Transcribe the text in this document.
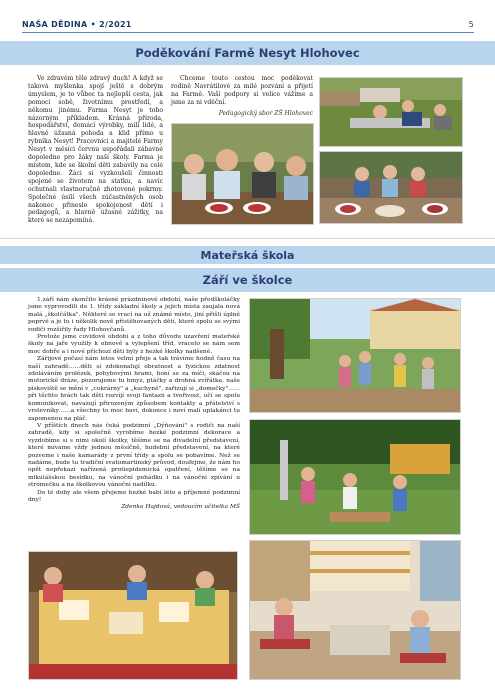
NAŠA DĚDINA • 2/2021	5
Poděkování Farmě Nesyt Hlohovec

Ve zdravém těle zdravý duch! A když se taková myšlenka spojí ještě s dobrým úmyslem, je to vůbec ta nejlepší cesta, jak pomoci sobě, životnímu prostředí, a někomu jinému. Farma Nesyt je toho názorným příkladem. Krásná příroda, hospodářství, domácí výrobky, milí lidé, a hlavně úžasná pohoda a klid přímo u rybníka Nesyt! Pracovníci a majitelé Farmy Nesyt v měsíci červnu uspořádali zábavné dopoledne pro žáky naší školy. Farma je místem, kde se školní děti zabavily na celé dopoledne. Žáci si vyzkoušeli činnosti spojené se životem na statku, a navíc ochutnali vlastnoručně zhotovené pokrmy. Společné úsilí všech zúčastněných osob nakonec přineslo spokojenost dětí i pedagogů, a hlavně úžasné zážitky, na které se nezapomíná.

Chceme touto cestou moc poděkovat rodině Navrátilové za milé pozvání a přijetí na Farmě. Vaší podpory si velice vážíme a jsme za ni vděční.

Pedagogický sbor ZŠ Hlohovec
Mateřská škola
Září ve školce

1.září nám skončilo krásné prázdninové období, naše předškoláčky jsme vyprovodili do 1. třídy základní školy a jejich místa zaujala nová malá „školčátka". Některé se vrací na už známé místo, jiní přišli úplně poprvé a je tu i několik nově přistěhovaných dětí, které spolu se svými rodiči rozšířily řady Hlohovčanů.

Protože jsme covidové období a z toho důvodu uzavření mateřské školy na jaře využily k obnově a vylepšení tříd, vracelo se nám sem moc dobře a i nové příchozí děti byly z hezké školky nadšené.

Zářijové počasí nám letos velmi přeje a tak trávíme hodně času na naší zahradě……děti si zdokonalují obratnost a fyzickou zdatnost zdoláváním prolézek, pohybovými hrami, honí se za míči, skáčou na motorické dráze, pozorujeme tu hmyz, ptáčky a drobná zvířátka, naše pískoviště se mění v „cukrárny" a „kuchyně", zařizují si „domečky"…… při těchto hrách tak děti rozvíjí svoji fantazii a tvořivost, učí se spolu komunikovat, navazují přirozeným způsobem kontakty a přátelství s vrstevníky……a všechny to moc baví, dokonce i noví malí uplakánci tu zapomenou na pláč.

V příštích dnech nás čeká podzimní „Dýňování" s rodiči na naší zahradě, kdy si společně vyrobíme hezké podzimní dekorace a vyzdobíme si s nimi okolí školky, těšíme se na divadelní představení, které mívame vždy jednou měsíčně, hudební představení, na které pozveme i naše kamarády z první třídy a spolu se pobavíme. Než se nadáme, bude tu tradiční svatomartinský průvod, doufejme, že nám ho opět nepřekazí nařízená protiepidemická opatření, těšíme se na mikulášskou besídku, na vánoční pohádku i na vánoční zpívání u stromečku a na školkovou vánoční nadílku.

Do té doby ale všem přejeme hezké babí léto a příjemné podzimní dny!

Zdenka Hajdová, vedoucím učitelka MŠ
